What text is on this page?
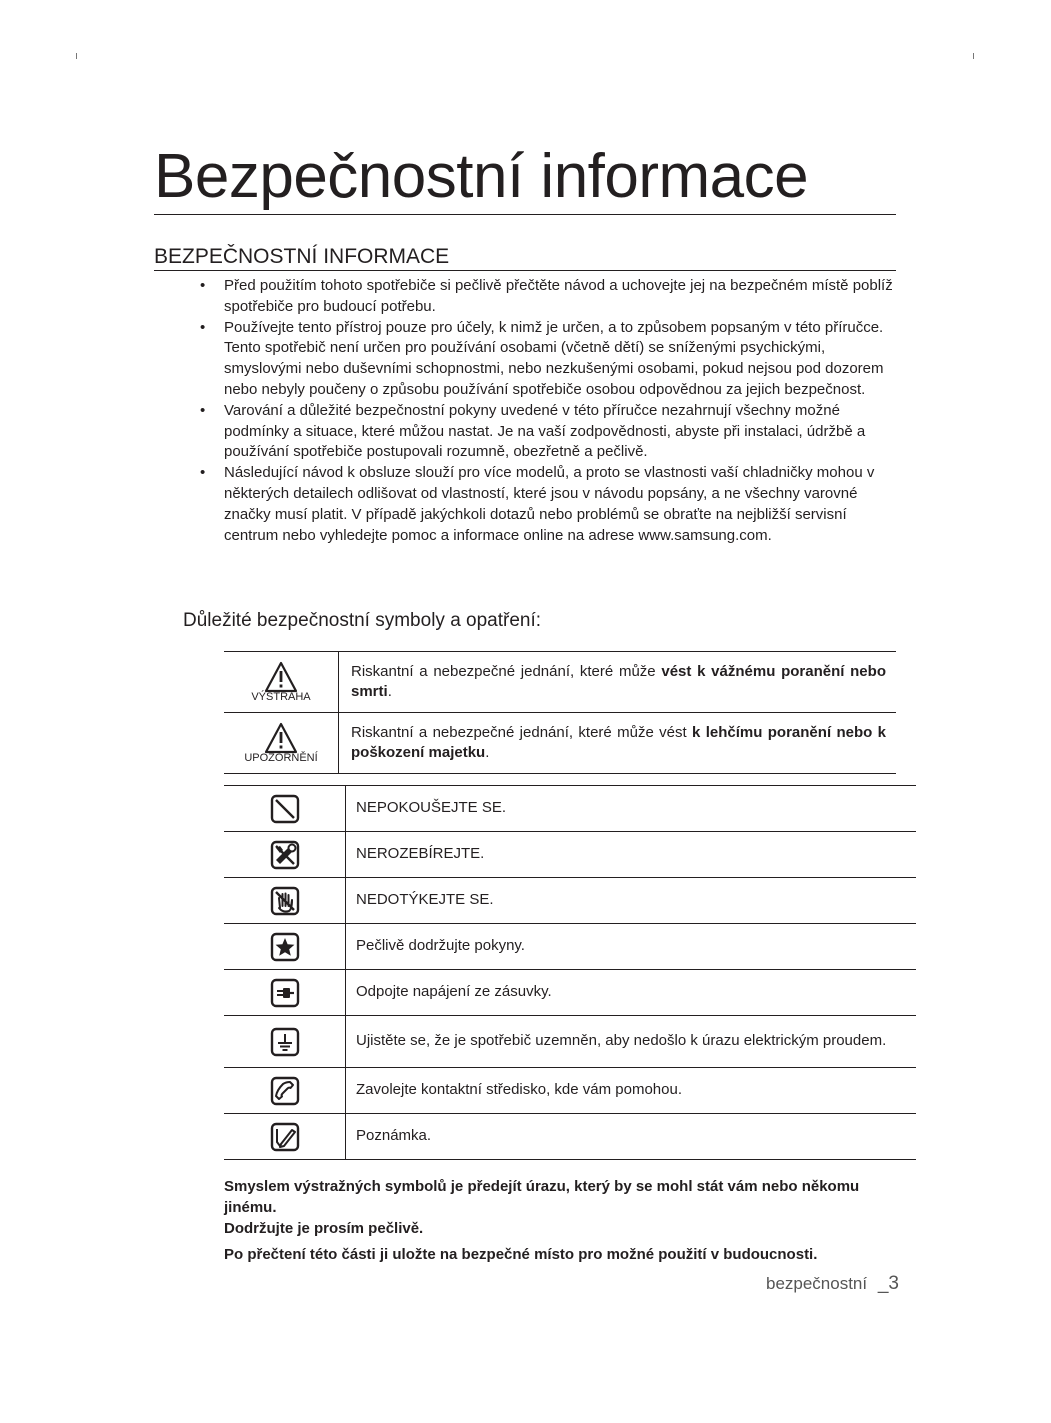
Bezpečnostní informace
BEZPEČNOSTNÍ INFORMACE
• Před použitím tohoto spotřebiče si pečlivě přečtěte návod a uchovejte jej na bezpečném místě poblíž spotřebiče pro budoucí potřebu.
• Používejte tento přístroj pouze pro účely, k nimž je určen, a to způsobem popsaným v této příručce. Tento spotřebič není určen pro používání osobami (včetně dětí) se sníženými psychickými, smyslovými nebo duševními schopnostmi, nebo nezkušenými osobami, pokud nejsou pod dozorem nebo nebyly poučeny o způsobu používání spotřebiče osobou odpovědnou za jejich bezpečnost.
• Varování a důležité bezpečnostní pokyny uvedené v této příručce nezahrnují všechny možné podmínky a situace, které můžou nastat. Je na vaší zodpovědnosti, abyste při instalaci, údržbě a používání spotřebiče postupovali rozumně, obezřetně a pečlivě.
• Následující návod k obsluze slouží pro více modelů, a proto se vlastnosti vaší chladničky mohou v některých detailech odlišovat od vlastností, které jsou v návodu popsány, a ne všechny varovné značky musí platit. V případě jakýchkoli dotazů nebo problémů se obraťte na nejbližší servisní centrum nebo vyhledejte pomoc a informace online na adrese www.samsung.com.
Důležité bezpečnostní symboly a opatření:
VÝSTRAHA	Riskantní a nebezpečné jednání, které může vést k vážnému poranění nebo smrti.

UPOZORNĚNÍ	Riskantní a nebezpečné jednání, které může vést k lehčímu poranění nebo k poškození majetku.
	NEPOKOUŠEJTE SE.

	NEROZEBÍREJTE.

	NEDOTÝKEJTE SE.

	Pečlivě dodržujte pokyny.

	Odpojte napájení ze zásuvky.

	Ujistěte se, že je spotřebič uzemněn, aby nedošlo k úrazu elektrickým proudem.

	Zavolejte kontaktní středisko, kde vám pomohou.

	Poznámka.

Smyslem výstražných symbolů je předejít úrazu, který by se mohl stát vám nebo někomu jinému.

Dodržujte je prosím pečlivě.

Po přečtení této části ji uložte na bezpečné místo pro možné použití v budoucnosti.

bezpečnostní _3
